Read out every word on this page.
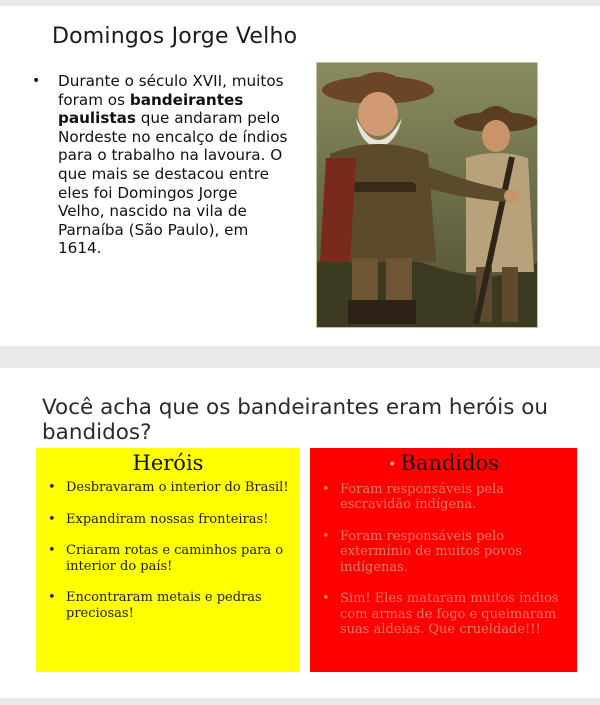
Domingos Jorge Velho
• Durante o século XVII, muitos foram os bandeirantes paulistas que andaram pelo Nordeste no encalço de índios para o trabalho na lavoura. O que mais se destacou entre eles foi Domingos Jorge Velho, nascido na vila de Parnaíba (São Paulo), em 1614.
Você acha que os bandeirantes eram heróis ou bandidos?
Heróis
• Desbravaram o interior do Brasil!
• Expandiram nossas fronteiras!
• Criaram rotas e caminhos para o interior do país!
• Encontraram metais e pedras preciosas!
• Bandidos
• Foram responsáveis pela escravidão indígena.
• Foram responsáveis pelo extermínio de muitos povos indígenas.
• Sim! Eles mataram muitos índios com armas de fogo e queimaram suas aldeias. Que crueldade!!!
